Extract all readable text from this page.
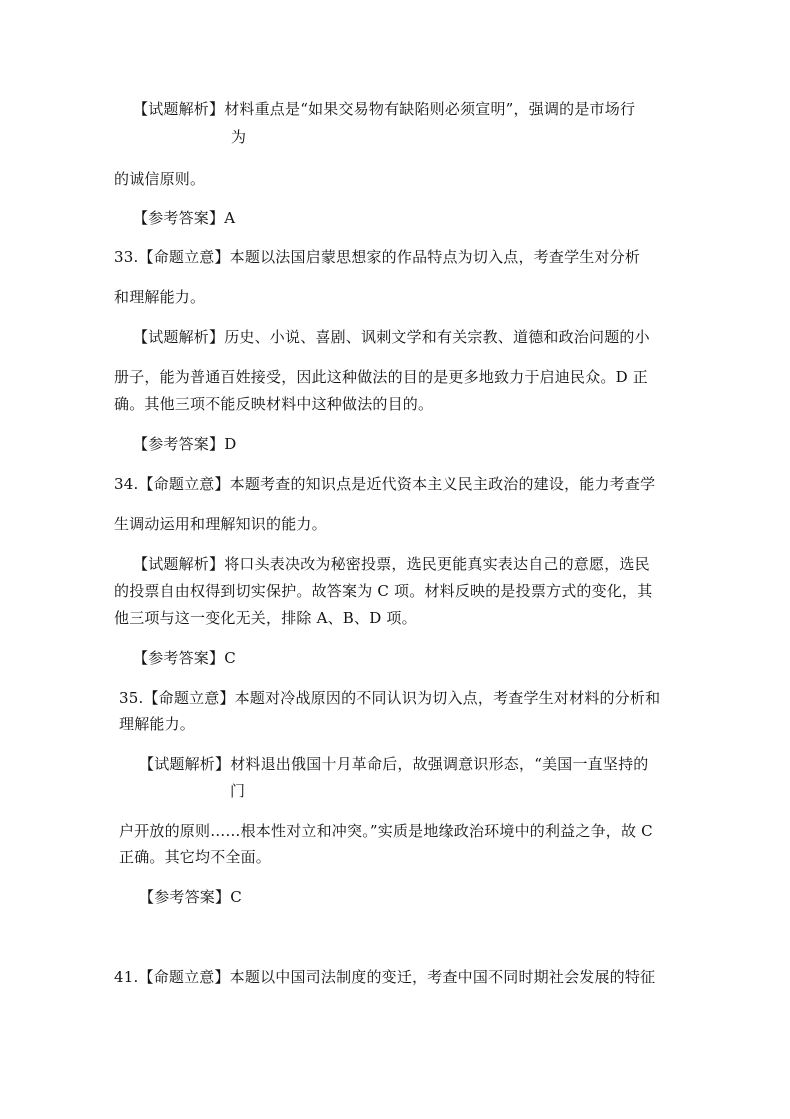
【试题解析】材料重点是“如果交易物有缺陷则必须宣明”，强调的是市场行
为
的诚信原则。
【参考答案】A
33.【命题立意】本题以法国启蒙思想家的作品特点为切入点，考查学生对分析
和理解能力。
【试题解析】历史、小说、喜剧、讽刺文学和有关宗教、道德和政治问题的小
册子，能为普通百姓接受，因此这种做法的目的是更多地致力于启迪民众。D 正
确。其他三项不能反映材料中这种做法的目的。
【参考答案】D
34.【命题立意】本题考查的知识点是近代资本主义民主政治的建设，能力考查学
生调动运用和理解知识的能力。
【试题解析】将口头表决改为秘密投票，选民更能真实表达自己的意愿，选民
的投票自由权得到切实保护。故答案为 C 项。材料反映的是投票方式的变化，其
他三项与这一变化无关，排除 A、B、D 项。
【参考答案】C
35.【命题立意】本题对冷战原因的不同认识为切入点，考查学生对材料的分析和
理解能力。
【试题解析】材料退出俄国十月革命后，故强调意识形态，“美国一直坚持的
门
户开放的原则……根本性对立和冲突。”实质是地缘政治环境中的利益之争，故 C
正确。其它均不全面。
【参考答案】C
41.【命题立意】本题以中国司法制度的变迁，考查中国不同时期社会发展的特征
